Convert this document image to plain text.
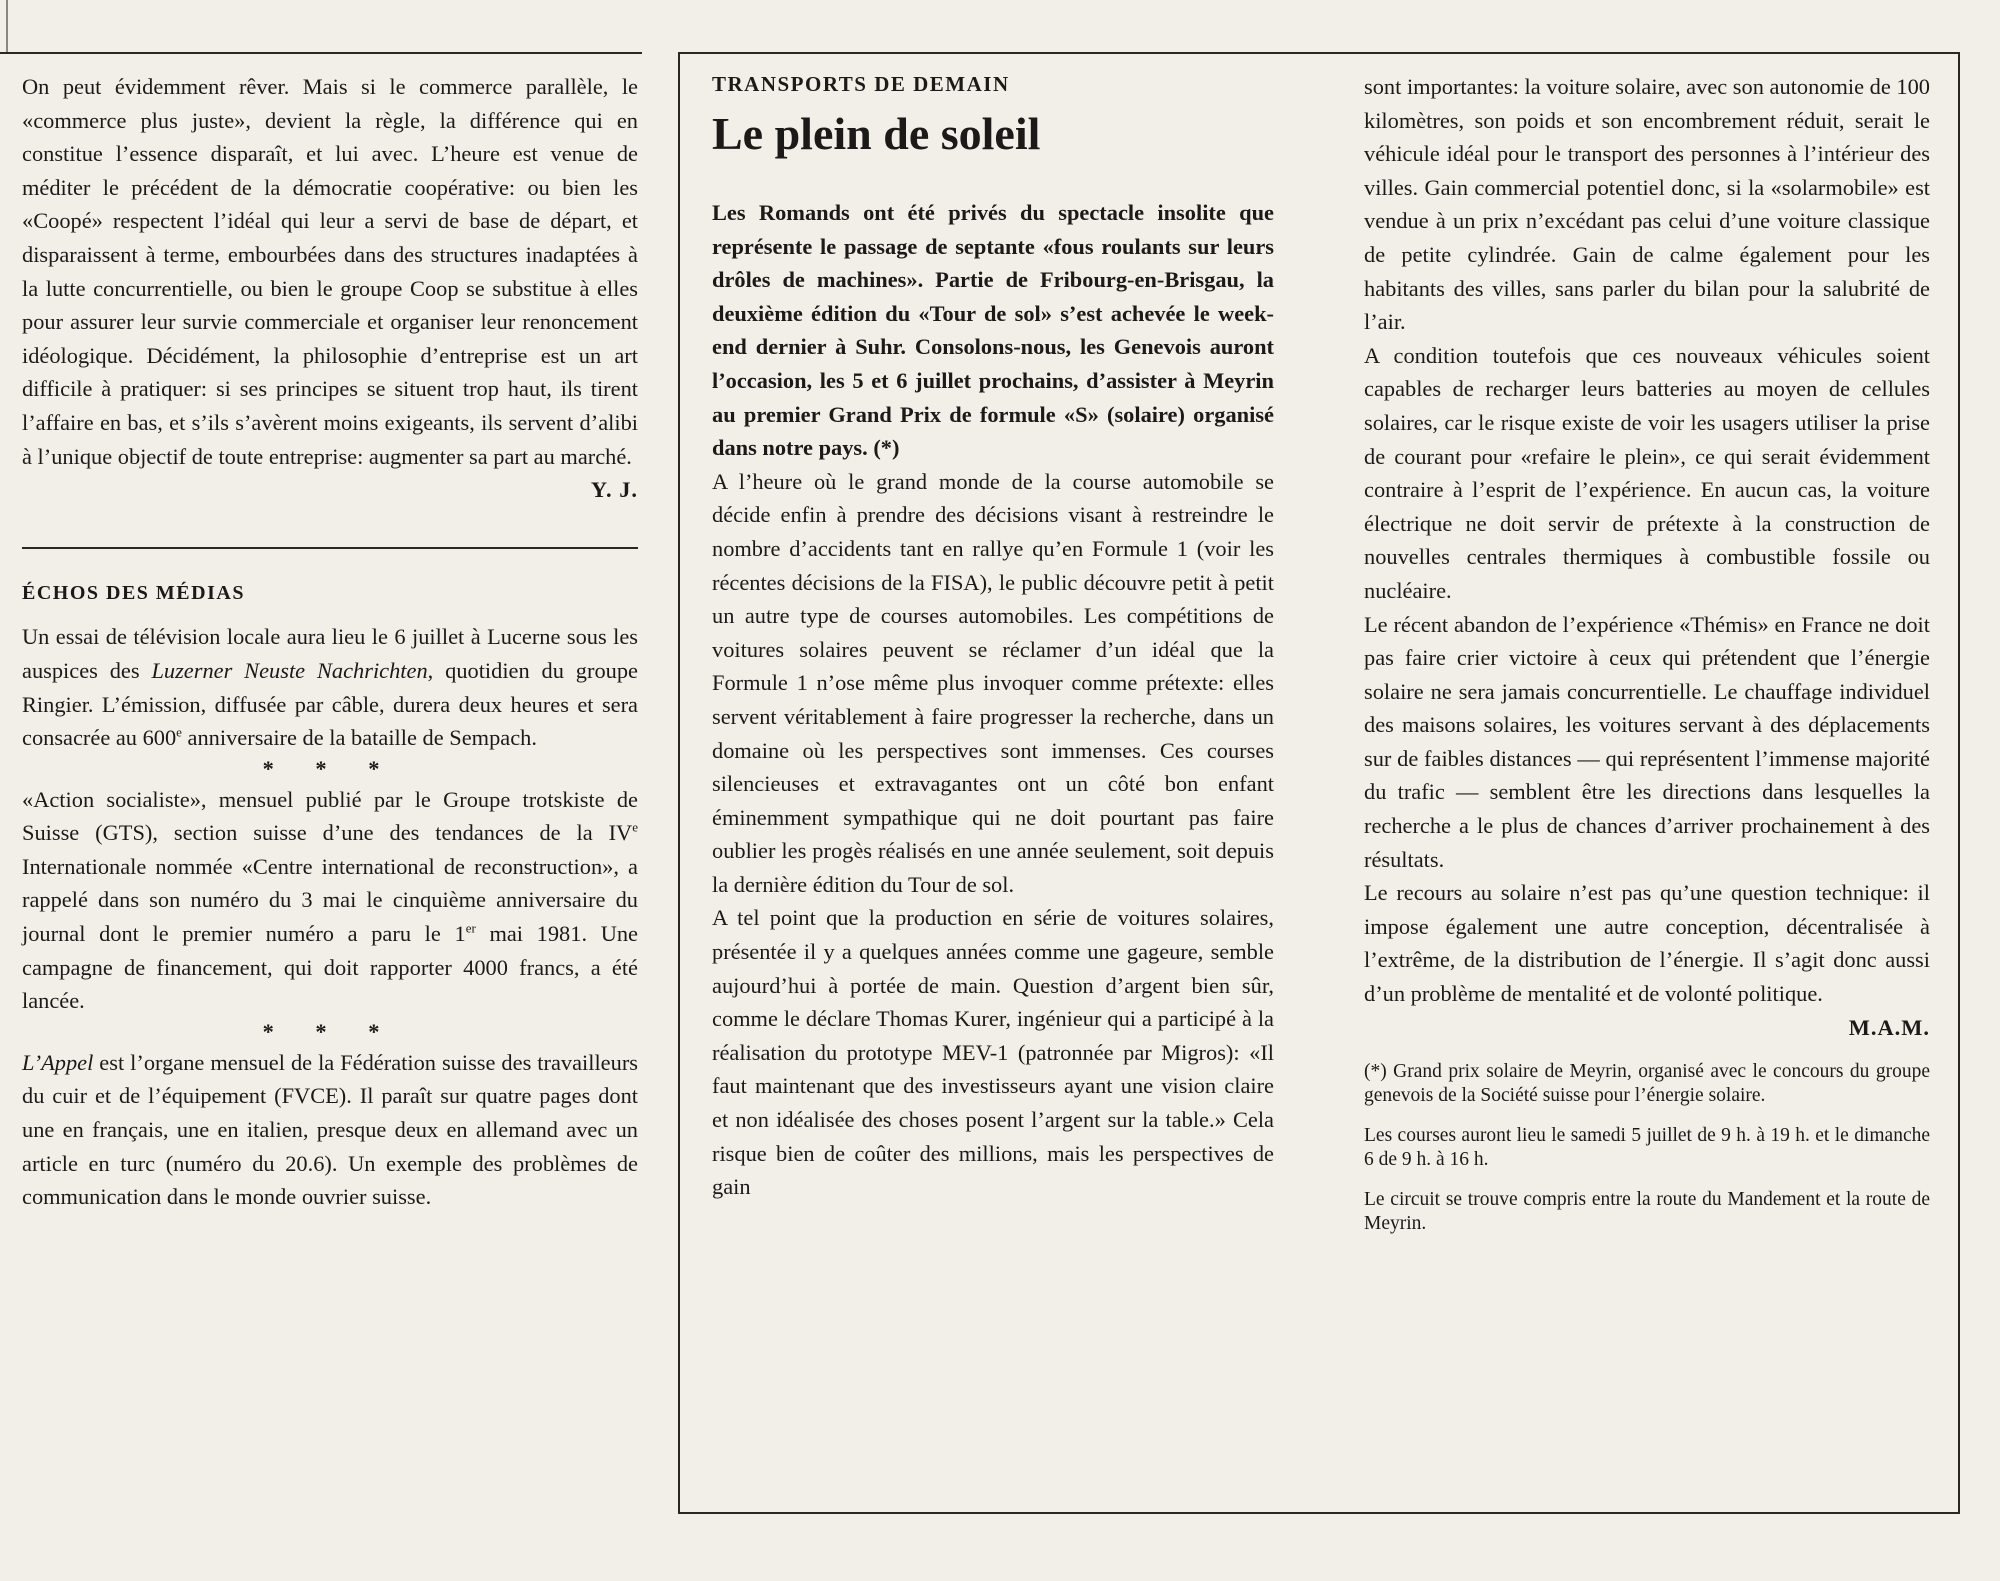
On peut évidemment rêver. Mais si le commerce parallèle, le «commerce plus juste», devient la règle, la différence qui en constitue l’essence disparaît, et lui avec. L’heure est venue de méditer le précédent de la démocratie coopérative: ou bien les «Coopé» respectent l’idéal qui leur a servi de base de départ, et disparaissent à terme, embourbées dans des structures inadaptées à la lutte concurrentielle, ou bien le groupe Coop se substitue à elles pour assurer leur survie commerciale et organiser leur renoncement idéologique. Décidément, la philosophie d’entreprise est un art difficile à pratiquer: si ses principes se situent trop haut, ils tirent l’affaire en bas, et s’ils s’avèrent moins exigeants, ils servent d’alibi à l’unique objectif de toute entreprise: augmenter sa part au marché.

Y. J.

ÉCHOS DES MÉDIAS

Un essai de télévision locale aura lieu le 6 juillet à Lucerne sous les auspices des Luzerner Neuste Nachrichten, quotidien du groupe Ringier. L’émission, diffusée par câble, durera deux heures et sera consacrée au 600e anniversaire de la bataille de Sempach.

* * *

«Action socialiste», mensuel publié par le Groupe trotskiste de Suisse (GTS), section suisse d’une des tendances de la IVe Internationale nommée «Centre international de reconstruction», a rappelé dans son numéro du 3 mai le cinquième anniversaire du journal dont le premier numéro a paru le 1er mai 1981. Une campagne de financement, qui doit rapporter 4000 francs, a été lancée.

* * *

L’Appel est l’organe mensuel de la Fédération suisse des travailleurs du cuir et de l’équipement (FVCE). Il paraît sur quatre pages dont une en français, une en italien, presque deux en allemand avec un article en turc (numéro du 20.6). Un exemple des problèmes de communication dans le monde ouvrier suisse.

TRANSPORTS DE DEMAIN

Le plein de soleil

Les Romands ont été privés du spectacle insolite que représente le passage de septante «fous roulants sur leurs drôles de machines». Partie de Fribourg-en-Brisgau, la deuxième édition du «Tour de sol» s’est achevée le week-end dernier à Suhr. Consolons-nous, les Genevois auront l’occasion, les 5 et 6 juillet prochains, d’assister à Meyrin au premier Grand Prix de formule «S» (solaire) organisé dans notre pays. (*)

A l’heure où le grand monde de la course automobile se décide enfin à prendre des décisions visant à restreindre le nombre d’accidents tant en rallye qu’en Formule 1 (voir les récentes décisions de la FISA), le public découvre petit à petit un autre type de courses automobiles. Les compétitions de voitures solaires peuvent se réclamer d’un idéal que la Formule 1 n’ose même plus invoquer comme prétexte: elles servent véritablement à faire progresser la recherche, dans un domaine où les perspectives sont immenses. Ces courses silencieuses et extravagantes ont un côté bon enfant éminemment sympathique qui ne doit pourtant pas faire oublier les progès réalisés en une année seulement, soit depuis la dernière édition du Tour de sol.

A tel point que la production en série de voitures solaires, présentée il y a quelques années comme une gageure, semble aujourd’hui à portée de main. Question d’argent bien sûr, comme le déclare Thomas Kurer, ingénieur qui a participé à la réalisation du prototype MEV-1 (patronnée par Migros): «Il faut maintenant que des investisseurs ayant une vision claire et non idéalisée des choses posent l’argent sur la table.» Cela risque bien de coûter des millions, mais les perspectives de gain

sont importantes: la voiture solaire, avec son autonomie de 100 kilomètres, son poids et son encombrement réduit, serait le véhicule idéal pour le transport des personnes à l’intérieur des villes. Gain commercial potentiel donc, si la «solarmobile» est vendue à un prix n’excédant pas celui d’une voiture classique de petite cylindrée. Gain de calme également pour les habitants des villes, sans parler du bilan pour la salubrité de l’air.

A condition toutefois que ces nouveaux véhicules soient capables de recharger leurs batteries au moyen de cellules solaires, car le risque existe de voir les usagers utiliser la prise de courant pour «refaire le plein», ce qui serait évidemment contraire à l’esprit de l’expérience. En aucun cas, la voiture électrique ne doit servir de prétexte à la construction de nouvelles centrales thermiques à combustible fossile ou nucléaire.

Le récent abandon de l’expérience «Thémis» en France ne doit pas faire crier victoire à ceux qui prétendent que l’énergie solaire ne sera jamais concurrentielle. Le chauffage individuel des maisons solaires, les voitures servant à des déplacements sur de faibles distances — qui représentent l’immense majorité du trafic — semblent être les directions dans lesquelles la recherche a le plus de chances d’arriver prochainement à des résultats.

Le recours au solaire n’est pas qu’une question technique: il impose également une autre conception, décentralisée à l’extrême, de la distribution de l’énergie. Il s’agit donc aussi d’un problème de mentalité et de volonté politique.

M.A.M.

(*) Grand prix solaire de Meyrin, organisé avec le concours du groupe genevois de la Société suisse pour l’énergie solaire.

Les courses auront lieu le samedi 5 juillet de 9 h. à 19 h. et le dimanche 6 de 9 h. à 16 h.

Le circuit se trouve compris entre la route du Mandement et la route de Meyrin.
